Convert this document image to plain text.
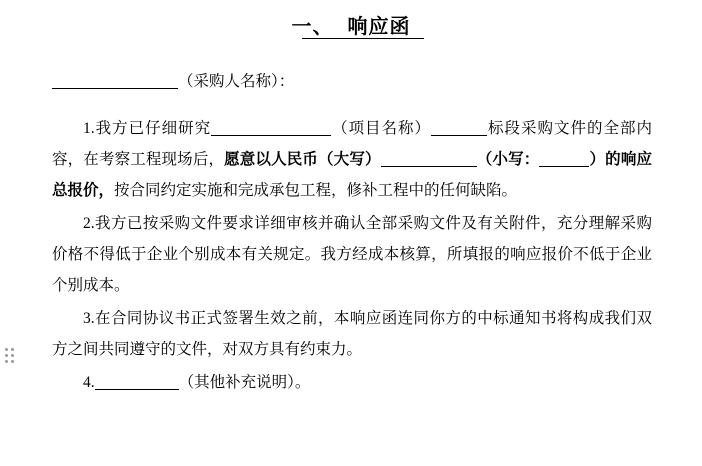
一、 响应函

（采购人名称）：

1.我方已仔细研究	（项目名称）	标段采购文件的全部内容，在考察工程现场后，愿意以人民币（大写）	（小写：	）的响应总报价，按合同约定实施和完成承包工程，修补工程中的任何缺陷。

2.我方已按采购文件要求详细审核并确认全部采购文件及有关附件，充分理解采购价格不得低于企业个别成本有关规定。我方经成本核算，所填报的响应报价不低于企业个别成本。

3.在合同协议书正式签署生效之前，本响应函连同你方的中标通知书将构成我们双方之间共同遵守的文件，对双方具有约束力。

4.	（其他补充说明）。
